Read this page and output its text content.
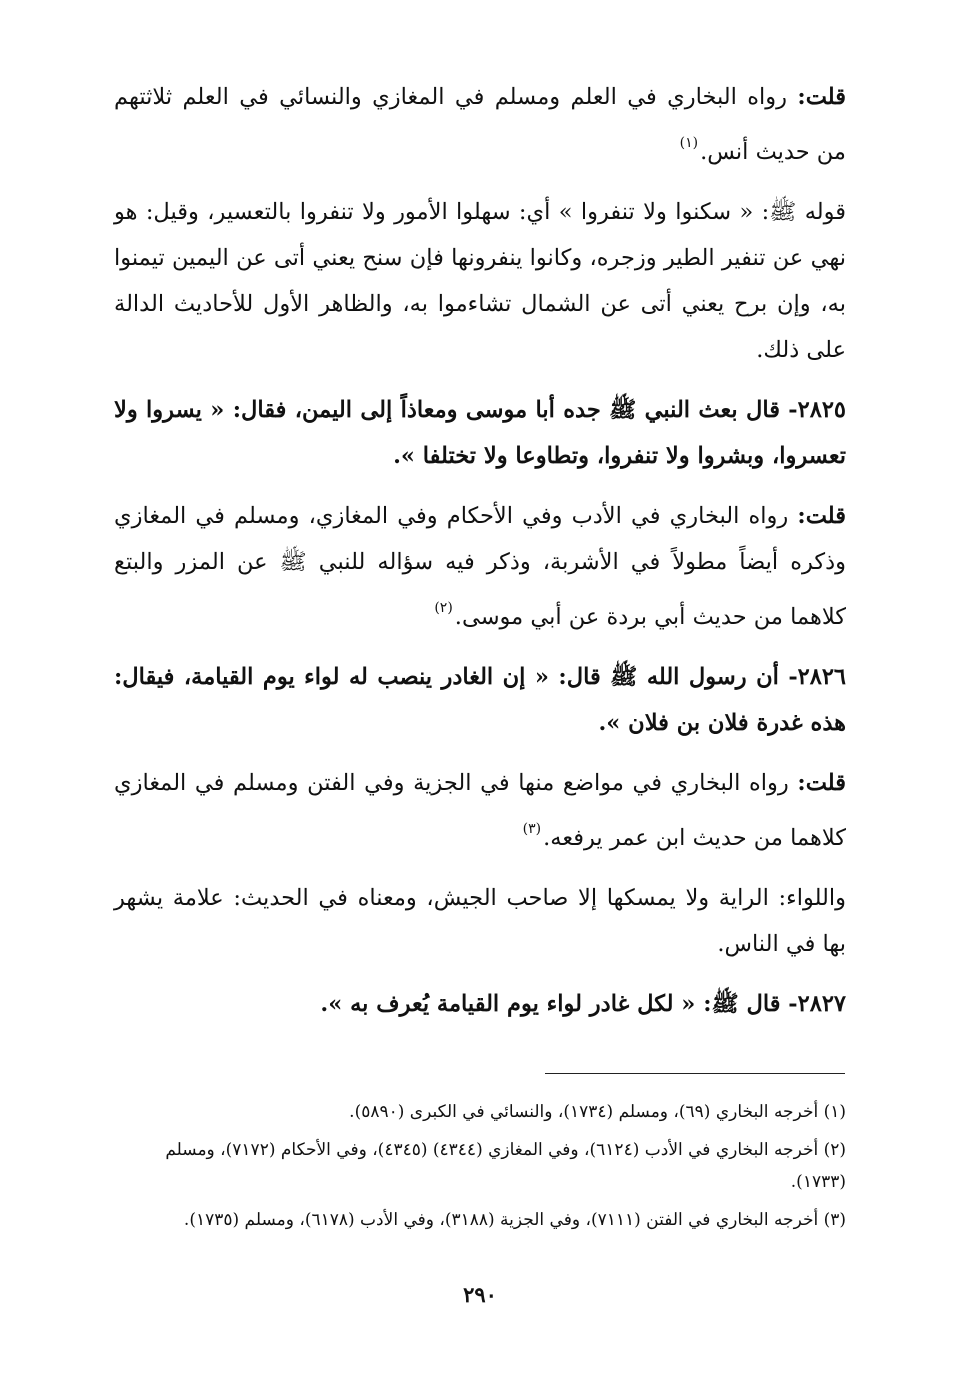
قلت: رواه البخاري في العلم ومسلم في المغازي والنسائي في العلم ثلاثتهم من حديث أنس.$^{(١)}$

قوله ﷺ: « سكنوا ولا تنفروا » أي: سهلوا الأمور ولا تنفروا بالتعسير، وقيل: هو نهي عن تنفير الطير وزجره، وكانوا ينفرونها فإن سنح يعني أتى عن اليمين تيمنوا به، وإن برح يعني أتى عن الشمال تشاءموا به، والظاهر الأول للأحاديث الدالة على ذلك.

٢٨٢٥- قال بعث النبي ﷺ جده أبا موسى ومعاذاً إلى اليمن، فقال: « يسروا ولا تعسروا، وبشروا ولا تنفروا، وتطاوعا ولا تختلفا ».

قلت: رواه البخاري في الأدب وفي الأحكام وفي المغازي، ومسلم في المغازي وذكره أيضاً مطولاً في الأشربة، وذكر فيه سؤاله للنبي ﷺ عن المزر والبتع كلاهما من حديث أبي بردة عن أبي موسى.$^{(٢)}$

٢٨٢٦- أن رسول الله ﷺ قال: « إن الغادر ينصب له لواء يوم القيامة، فيقال: هذه غدرة فلان بن فلان ».

قلت: رواه البخاري في مواضع منها في الجزية وفي الفتن ومسلم في المغازي كلاهما من حديث ابن عمر يرفعه.$^{(٣)}$

واللواء: الراية ولا يمسكها إلا صاحب الجيش، ومعناه في الحديث: علامة يشهر بها في الناس.

٢٨٢٧- قال ﷺ: « لكل غادر لواء يوم القيامة يُعرف به ».

(١) أخرجه البخاري (٦٩)، ومسلم (١٧٣٤)، والنسائي في الكبرى (٥٨٩٠).

(٢) أخرجه البخاري في الأدب (٦١٢٤)، وفي المغازي (٤٣٤٤) (٤٣٤٥)، وفي الأحكام (٧١٧٢)، ومسلم (١٧٣٣).

(٣) أخرجه البخاري في الفتن (٧١١١)، وفي الجزية (٣١٨٨)، وفي الأدب (٦١٧٨)، ومسلم (١٧٣٥).

٢٩٠
